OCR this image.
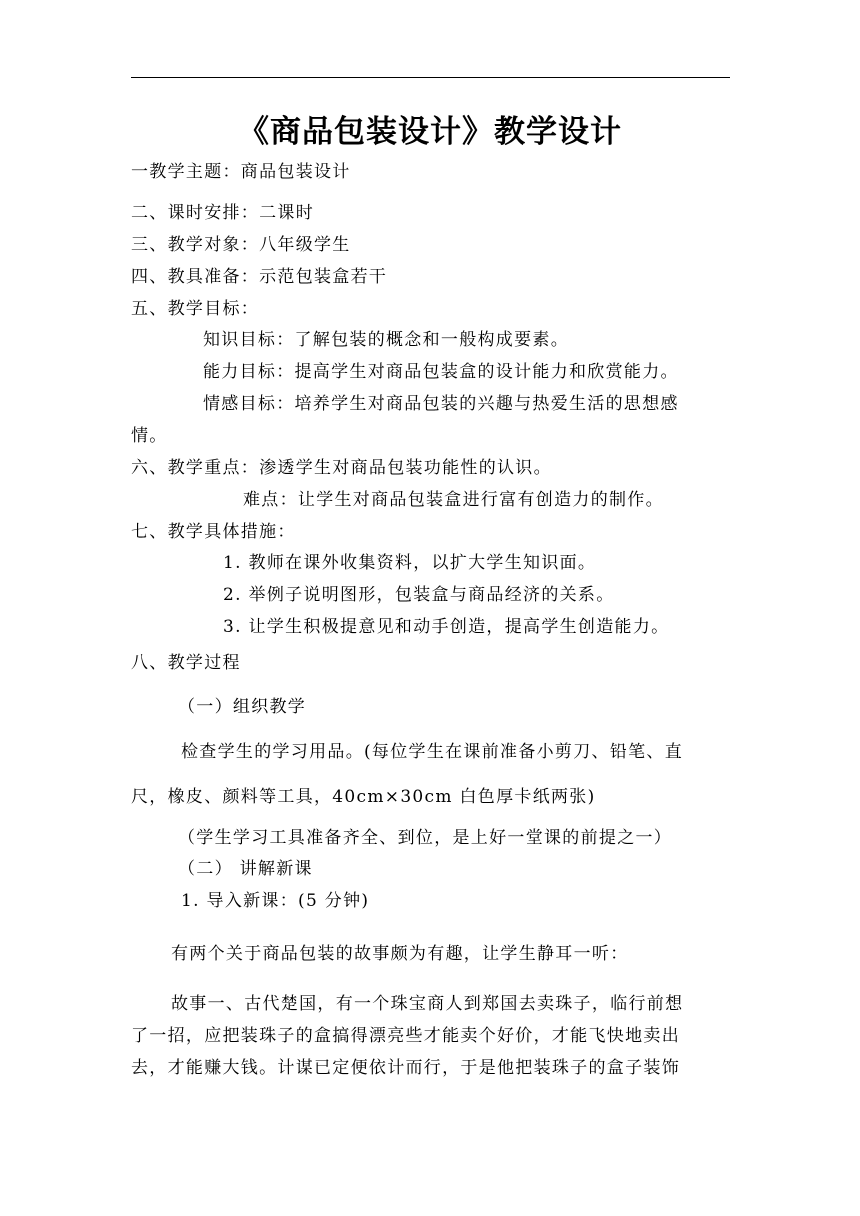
《商品包装设计》教学设计
一教学主题：商品包装设计
二、课时安排：二课时
三、教学对象：八年级学生
四、教具准备：示范包装盒若干
五、教学目标：
知识目标：了解包装的概念和一般构成要素。
能力目标：提高学生对商品包装盒的设计能力和欣赏能力。
情感目标：培养学生对商品包装的兴趣与热爱生活的思想感
情。
六、教学重点：渗透学生对商品包装功能性的认识。
难点：让学生对商品包装盒进行富有创造力的制作。
七、教学具体措施：
1. 教师在课外收集资料，以扩大学生知识面。
2. 举例子说明图形，包装盒与商品经济的关系。
3. 让学生积极提意见和动手创造，提高学生创造能力。
八、教学过程
（一）组织教学
检查学生的学习用品。(每位学生在课前准备小剪刀、铅笔、直
尺，橡皮、颜料等工具，40cm×30cm 白色厚卡纸两张)
（学生学习工具准备齐全、到位，是上好一堂课的前提之一）
（二） 讲解新课
1. 导入新课：(5 分钟)
有两个关于商品包装的故事颇为有趣，让学生静耳一听：
故事一、古代楚国，有一个珠宝商人到郑国去卖珠子，临行前想
了一招，应把装珠子的盒搞得漂亮些才能卖个好价，才能飞快地卖出
去，才能赚大钱。计谋已定便依计而行，于是他把装珠子的盒子装饰
